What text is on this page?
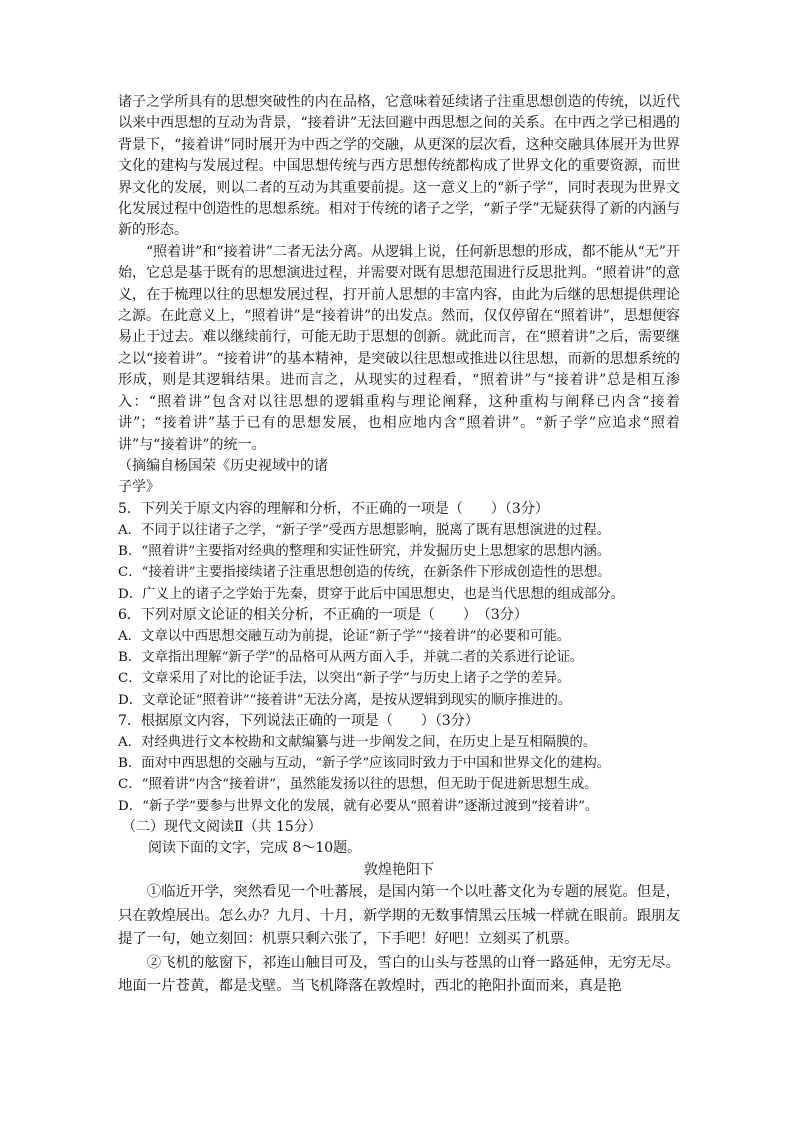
诸子之学所具有的思想突破性的内在品格，它意味着延续诸子注重思想创造的传统，以近代以来中西思想的互动为背景，“接着讲”无法回避中西思想之间的关系。在中西之学已相遇的背景下，“接着讲”同时展开为中西之学的交融，从更深的层次看，这种交融具体展开为世界文化的建构与发展过程。中国思想传统与西方思想传统都构成了世界文化的重要资源，而世界文化的发展，则以二者的互动为其重要前提。这一意义上的“新子学”，同时表现为世界文化发展过程中创造性的思想系统。相对于传统的诸子之学，“新子学”无疑获得了新的内涵与新的形态。

“照着讲”和“接着讲”二者无法分离。从逻辑上说，任何新思想的形成，都不能从“无”开始，它总是基于既有的思想演进过程，并需要对既有思想范围进行反思批判。“照着讲”的意义，在于梳理以往的思想发展过程，打开前人思想的丰富内容，由此为后继的思想提供理论之源。在此意义上，“照着讲”是“接着讲”的出发点。然而，仅仅停留在“照着讲”，思想便容易止于过去。难以继续前行，可能无助于思想的创新。就此而言，在“照着讲”之后，需要继之以“接着讲”。“接着讲”的基本精神，是突破以往思想或推进以往思想，而新的思想系统的形成，则是其逻辑结果。进而言之，从现实的过程看，“照着讲”与“接着讲”总是相互渗入：“照着讲”包含对以往思想的逻辑重构与理论阐释，这种重构与阐释已内含“接着讲”；“接着讲”基于已有的思想发展，也相应地内含“照着讲”。“新子学”应追求“照着讲”与“接着讲”的统一。

（摘编自杨国荣《历史视域中的诸

子学》

5．下列关于原文内容的理解和分析，不正确的一项是（　　）（3分）

A．不同于以往诸子之学，“新子学”受西方思想影响，脱离了既有思想演进的过程。

B．“照着讲”主要指对经典的整理和实证性研究，并发掘历史上思想家的思想内涵。

C．“接着讲”主要指接续诸子注重思想创造的传统，在新条件下形成创造性的思想。

D．广义上的诸子之学始于先秦，贯穿于此后中国思想史，也是当代思想的组成部分。

6．下列对原文论证的相关分析，不正确的一项是（　　）　（3分）

A．文章以中西思想交融互动为前提，论证“新子学”“接着讲”的必要和可能。

B．文章指出理解“新子学”的品格可从两方面入手，并就二者的关系进行论证。

C．文章采用了对比的论证手法，以突出“新子学”与历史上诸子之学的差异。

D．文章论证“照着讲”“接着讲”无法分离，是按从逻辑到现实的顺序推进的。

7．根据原文内容，下列说法正确的一项是（　　）（3分）

A．对经典进行文本校勘和文献编纂与进一步阐发之间，在历史上是互相隔膜的。

B．面对中西思想的交融与互动，“新子学”应该同时致力于中国和世界文化的建构。

C．“照着讲”内含“接着讲”，虽然能发扬以往的思想，但无助于促进新思想生成。

D．“新子学”要参与世界文化的发展，就有必要从“照着讲”逐渐过渡到“接着讲”。

（二）现代文阅读Ⅱ（共 15分）

阅读下面的文字，完成 8～10题。

敦煌艳阳下

①临近开学，突然看见一个吐蕃展，是国内第一个以吐蕃文化为专题的展览。但是，只在敦煌展出。怎么办？九月、十月，新学期的无数事情黑云压城一样就在眼前。跟朋友提了一句，她立刻回：机票只剩六张了，下手吧！好吧！立刻买了机票。

②飞机的舷窗下，祁连山触目可及，雪白的山头与苍黑的山脊一路延伸，无穷无尽。地面一片苍黄，都是戈壁。当飞机降落在敦煌时，西北的艳阳扑面而来，真是艳
